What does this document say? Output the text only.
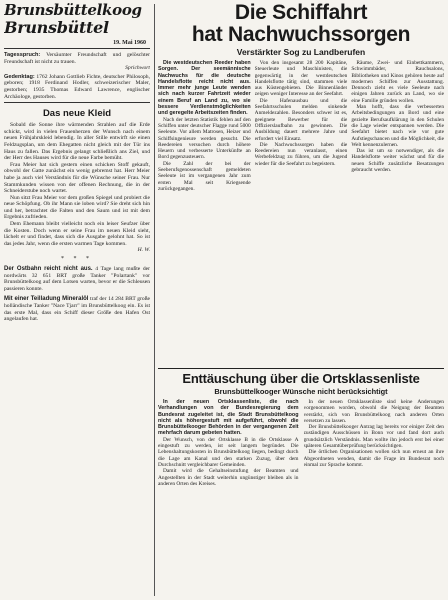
Brunsbüttelkoog
Brunsbüttel
19. Mai 1960
Tagesspruch: Versäumter Freundschaft und gelöschter Freundschaft ist nicht zu trauen.
Sprichwort
Gedenktag: 1762 Johann Gottlieb Fichte, deutscher Philosoph, geboren; 1918 Ferdinand Hodler, schweizerischer Maler, gestorben; 1935 Thomas Edward Lawrence, englischer Archäologe, gestorben.
Das neue Kleid
Sobald die Sonne ihre wärmenden Strahlen auf die Erde schickt, wird in vielen Frauenherzen der Wunsch nach einem neuen Frühjahrskleid lebendig. In aller Stille entwirft sie einen Feldzugsplan, um dem Ehegatten nicht gleich mit der Tür ins Haus zu fallen. Das Ergebnis gelangt schließlich ans Ziel, und der Herr des Hauses wird für die neue Farbe bemüht.
Frau Meier hat sich gestern einen schicken Stoff gekauft, obwohl der Gatte zunächst ein wenig gebremst hat. Herr Meier habe ja auch viel Verständnis für die Wünsche seiner Frau. Nur Stammkunden wissen von der offenen Rechnung, die in der Schneiderstube noch wartet.
Nun sitzt Frau Meier vor dem großen Spiegel und probiert die neue Schöpfung. Ob ihr Mann sie loben wird? Sie dreht sich hin und her, betrachtet die Falten und den Saum und ist mit dem Ergebnis zufrieden.
Dem Ehemann bleibt vielleicht noch ein leiser Seufzer über die Kosten. Doch wenn er seine Frau im neuen Kleid sieht, lächelt er und findet, dass sich die Ausgabe gelohnt hat. So ist das jedes Jahr, wenn die ersten warmen Tage kommen.
H. W.
* * *
Der Ostbahn reicht nicht aus. 4 Tage lang mußte der nordwärts 32 651 BRT große Tanker "Polartank" vor Brunsbüttelkoog auf dem Lotsen warten, bevor er die Schleusen passieren konnte.
Mit einer Teilladung Mineralöl traf der 14 284 BRT große holländische Tanker "Nace Tjarr" im Brunsbüttelkoog ein. Es ist das erste Mal, dass ein Schiff dieser Größe den Hafen Ost angelaufen hat.
Die Schiffahrt
hat Nachwuchssorgen
Verstärkter Sog zu Landberufen

Die westdeutschen Reeder haben Sorgen. Der seemännische Nachwuchs für die deutsche Handelsflotte reicht nicht aus. Immer mehr junge Leute wenden sich nach kurzer Fahrtzeit wieder einem Beruf an Land zu, wo sie bessere Verdienstmöglichkeiten und geregelte Arbeitszeiten finden.

Nach der letzten Statistik fehlen auf den Schiffen unter deutscher Flagge rund 5000 Seeleute. Vor allem Matrosen, Heizer und Schiffsingenieure werden gesucht. Die Reedereien versuchen durch höhere Heuern und verbesserte Unterkünfte an Bord gegenzusteuern.

Die Zahl der bei der Seeberufsgenossenschaft gemeldeten Seeleute ist im vergangenen Jahr zum ersten Mal seit Kriegsende zurückgegangen.

Von den insgesamt 28 200 Kapitäne, Steuerleute und Maschinisten, die gegenwärtig in der westdeutschen Handelsflotte tätig sind, stammen viele aus Küstengebieten. Die Binnenländer zeigen weniger Interesse an der Seefahrt.

Die Hafenausbau und die Seefahrtsschulen melden sinkende Anmeldezahlen. Besonders schwer ist es, geeignete Bewerber für die Offizierslaufbahn zu gewinnen. Die Ausbildung dauert mehrere Jahre und erfordert viel Einsatz.

Die Nachwuchssorgen haben die Reedereien nun veranlasst, einen Werbefeldzug zu führen, um die Jugend wieder für die Seefahrt zu begeistern.

Räume, Zwei- und Einbettkammern, Schwimmbäder, Rauchsalons, Bibliotheken und Kinos gehören heute auf modernen Schiffen zur Ausstattung. Dennoch zieht es viele Seeleute nach einigen Jahren zurück an Land, wo sie eine Familie gründen wollen.

Man hofft, dass die verbesserten Arbeitsbedingungen an Bord und eine gezielte Berufsaufklärung in den Schulen die Lage wieder entspannen werden. Die Seefahrt bietet nach wie vor gute Aufstiegschancen und die Möglichkeit, die Welt kennenzulernen.

Das ist um so notwendiger, als die Handelsflotte weiter wächst und für die neuen Schiffe zusätzliche Besatzungen gebraucht werden.

Enttäuschung über die Ortsklassenliste
Brunsbüttelkooger Wünsche nicht berücksichtigt

In der neuen Ortsklassenliste, die nach Verhandlungen von der Bundesregierung dem Bundesrat zugeleitet ist, die Stadt Brunsbüttelkoog nicht als höhergestuft mit aufgeführt, obwohl die Brunsbüttelkooger Behörden in der vergangenen Zeit mehrfach darum gebeten hatten.

Der Wunsch, von der Ortsklasse B in die Ortsklasse A eingestuft zu werden, ist seit langem begründet. Die Lebenshaltungskosten in Brunsbüttelkoog liegen, bedingt durch die Lage am Kanal und den starken Zuzug, über dem Durchschnitt vergleichbarer Gemeinden.

Damit wird die Gehaltseinstufung der Beamten und Angestellten in der Stadt weiterhin ungünstiger bleiben als in anderen Orten des Kreises.

In der neuen Ortsklassenliste sind keine Änderungen vorgenommen worden, obwohl die Neigung der Beamten verstärkt, sich von Brunsbüttelkoog nach anderen Orten versetzen zu lassen.

Der Brunsbüttelkooger Antrag lag bereits vor einiger Zeit den zuständigen Ausschüssen in Bonn vor und fand dort auch grundsätzlich Verständnis. Man wollte ihn jedoch erst bei einer späteren Gesamtüberprüfung berücksichtigen.

Die örtlichen Organisationen wollen sich nun erneut an ihre Abgeordneten wenden, damit die Frage im Bundesrat noch einmal zur Sprache kommt.
